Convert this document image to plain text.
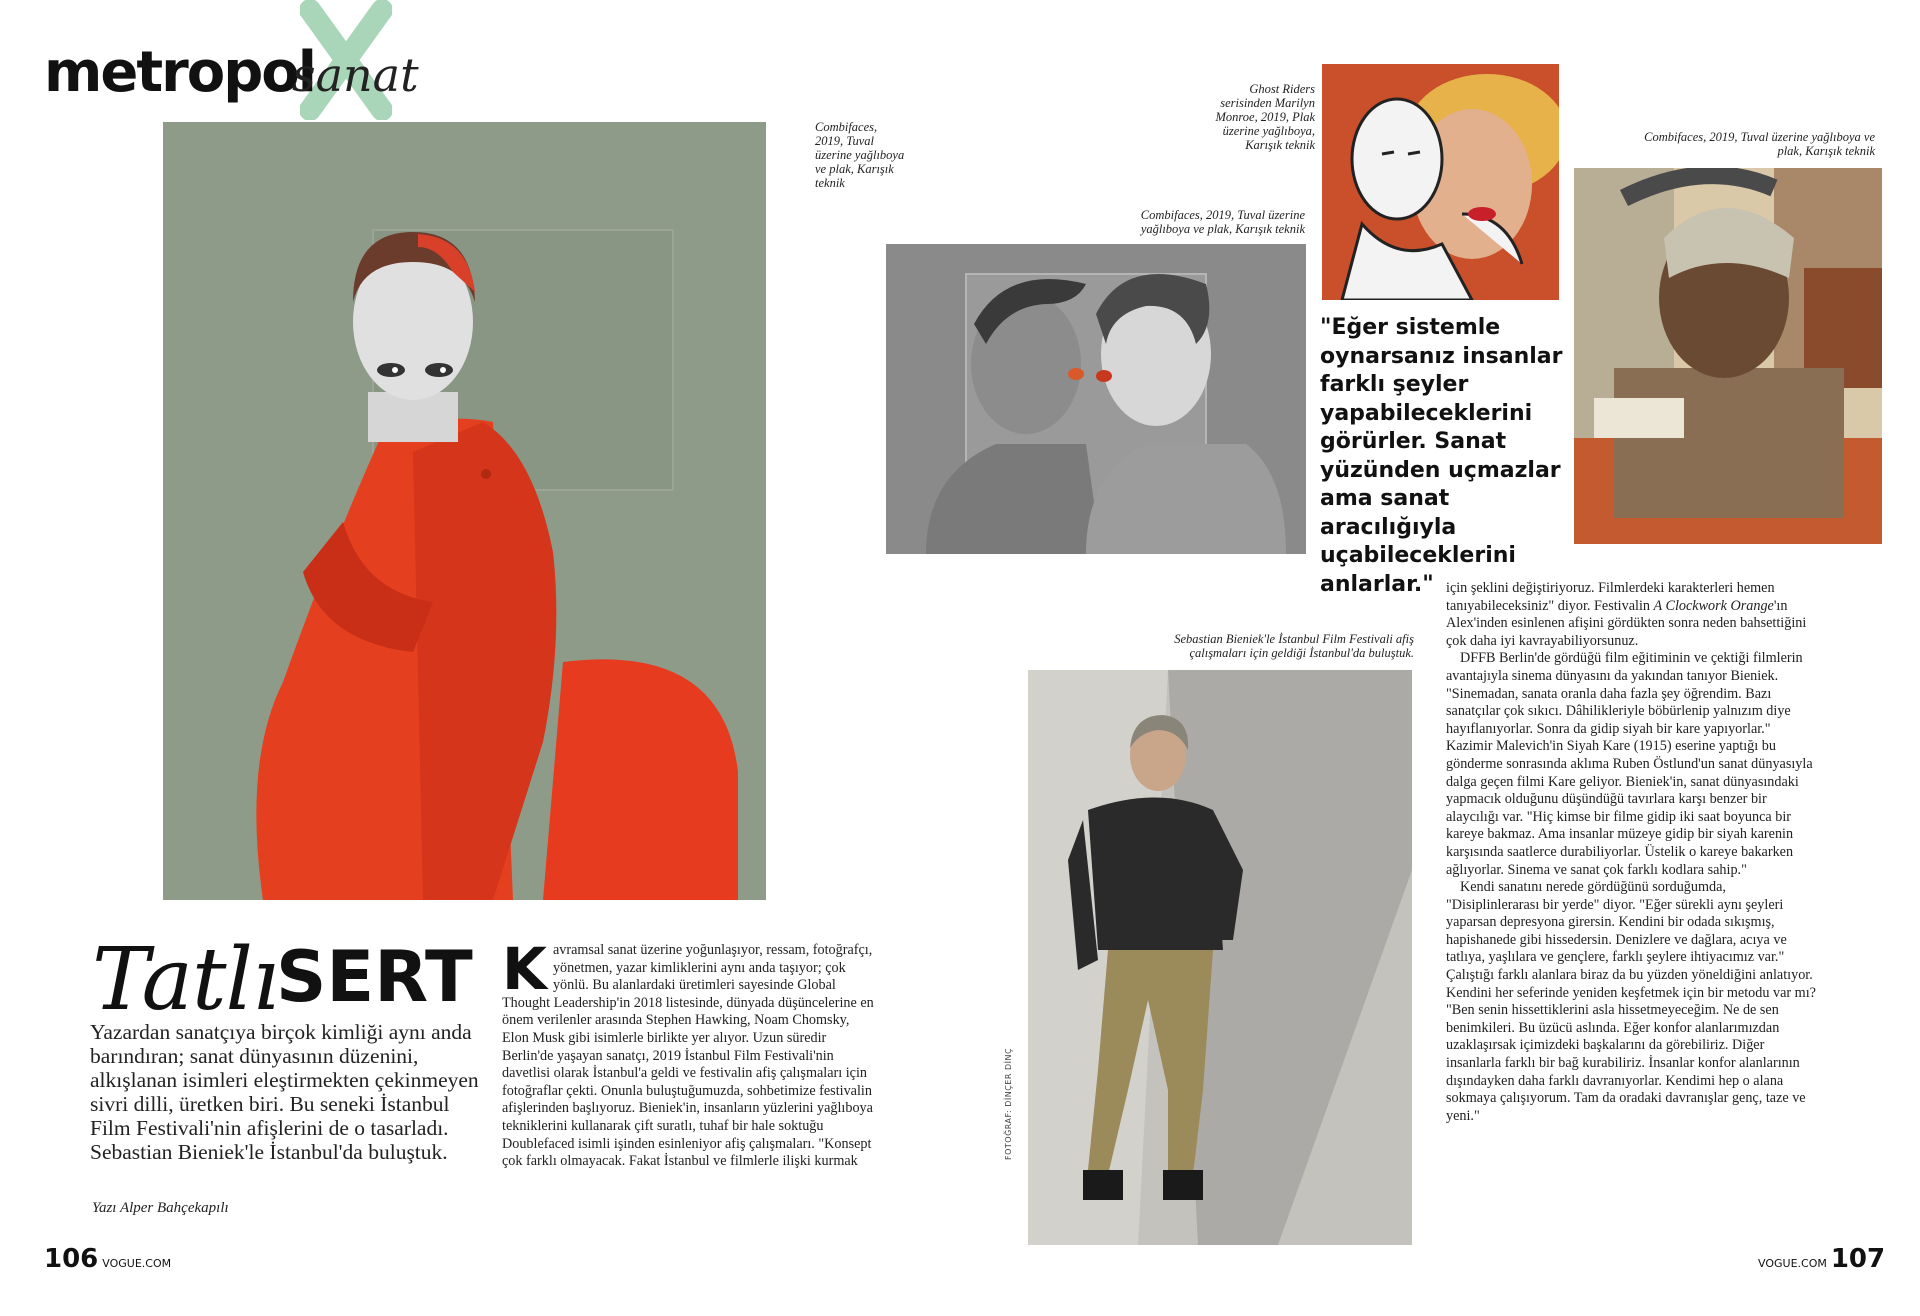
metropol
sanat
Combifaces, 2019, Tuval üzerine yağlıboya ve plak, Karışık teknik
Combifaces, 2019, Tuval üzerine yağlıboya ve plak, Karışık teknik
Ghost Riders serisinden Marilyn Monroe, 2019, Plak üzerine yağlıboya, Karışık teknik
Combifaces, 2019, Tuval üzerine yağlıboya ve plak, Karışık teknik
"Eğer sistemle oynarsanız insanlar farklı şeyler yapabileceklerini görürler. Sanat yüzünden uçmazlar ama sanat aracılığıyla uçabileceklerini anlarlar."
Sebastian Bieniek'le İstanbul Film Festivali afiş çalışmaları için geldiği İstanbul'da buluştuk.
FOTOĞRAF: DİNÇER DİNÇ
Tatlı
SERT
Yazardan sanatçıya birçok kimliği aynı anda barındıran; sanat dünyasının düzenini, alkışlanan isimleri eleştirmekten çekinmeyen sivri dilli, üretken biri. Bu seneki İstanbul Film Festivali'nin afişlerini de o tasarladı. Sebastian Bieniek'le İstanbul'da buluştuk.
Yazı Alper Bahçekapılı
Kavramsal sanat üzerine yoğunlaşıyor, ressam, fotoğrafçı, yönetmen, yazar kimliklerini aynı anda taşıyor; çok yönlü. Bu alanlardaki üretimleri sayesinde Global Thought Leadership'in 2018 listesinde, dünyada düşüncelerine en önem verilenler arasında Stephen Hawking, Noam Chomsky, Elon Musk gibi isimlerle birlikte yer alıyor. Uzun süredir Berlin'de yaşayan sanatçı, 2019 İstanbul Film Festivali'nin davetlisi olarak İstanbul'a geldi ve festivalin afiş çalışmaları için fotoğraflar çekti. Onunla buluştuğumuzda, sohbetimize festivalin afişlerinden başlıyoruz. Bieniek'in, insanların yüzlerini yağlıboya tekniklerini kullanarak çift suratlı, tuhaf bir hale soktuğu Doublefaced isimli işinden esinleniyor afiş çalışmaları. "Konsept çok farklı olmayacak. Fakat İstanbul ve filmlerle ilişki kurmak

için şeklini değiştiriyoruz. Filmlerdeki karakterleri hemen tanıyabileceksiniz" diyor. Festivalin A Clockwork Orange'ın Alex'inden esinlenen afişini gördükten sonra neden bahsettiğini çok daha iyi kavrayabiliyorsunuz.

DFFB Berlin'de gördüğü film eğitiminin ve çektiği filmlerin avantajıyla sinema dünyasını da yakından tanıyor Bieniek. "Sinemadan, sanata oranla daha fazla şey öğrendim. Bazı sanatçılar çok sıkıcı. Dâhilikleriyle böbürlenip yalnızım diye hayıflanıyorlar. Sonra da gidip siyah bir kare yapıyorlar." Kazimir Malevich'in Siyah Kare (1915) eserine yaptığı bu gönderme sonrasında aklıma Ruben Östlund'un sanat dünyasıyla dalga geçen filmi Kare geliyor. Bieniek'in, sanat dünyasındaki yapmacık olduğunu düşündüğü tavırlara karşı benzer bir alaycılığı var. "Hiç kimse bir filme gidip iki saat boyunca bir kareye bakmaz. Ama insanlar müzeye gidip bir siyah karenin karşısında saatlerce durabiliyorlar. Üstelik o kareye bakarken ağlıyorlar. Sinema ve sanat çok farklı kodlara sahip."

Kendi sanatını nerede gördüğünü sorduğumda, "Disiplinlerarası bir yerde" diyor. "Eğer sürekli aynı şeyleri yaparsan depresyona girersin. Kendini bir odada sıkışmış, hapishanede gibi hissedersin. Denizlere ve dağlara, acıya ve tatlıya, yaşlılara ve gençlere, farklı şeylere ihtiyacımız var." Çalıştığı farklı alanlara biraz da bu yüzden yöneldiğini anlatıyor. Kendini her seferinde yeniden keşfetmek için bir metodu var mı? "Ben senin hissettiklerini asla hissetmeyeceğim. Ne de sen benimkileri. Bu üzücü aslında. Eğer konfor alanlarımızdan uzaklaşırsak içimizdeki başkalarını da görebiliriz. Diğer insanlarla farklı bir bağ kurabiliriz. İnsanlar konfor alanlarının dışındayken daha farklı davranıyorlar. Kendimi hep o alana sokmaya çalışıyorum. Tam da oradaki davranışlar genç, taze ve yeni."

106 VOGUE.COM	VOGUE.COM 107
